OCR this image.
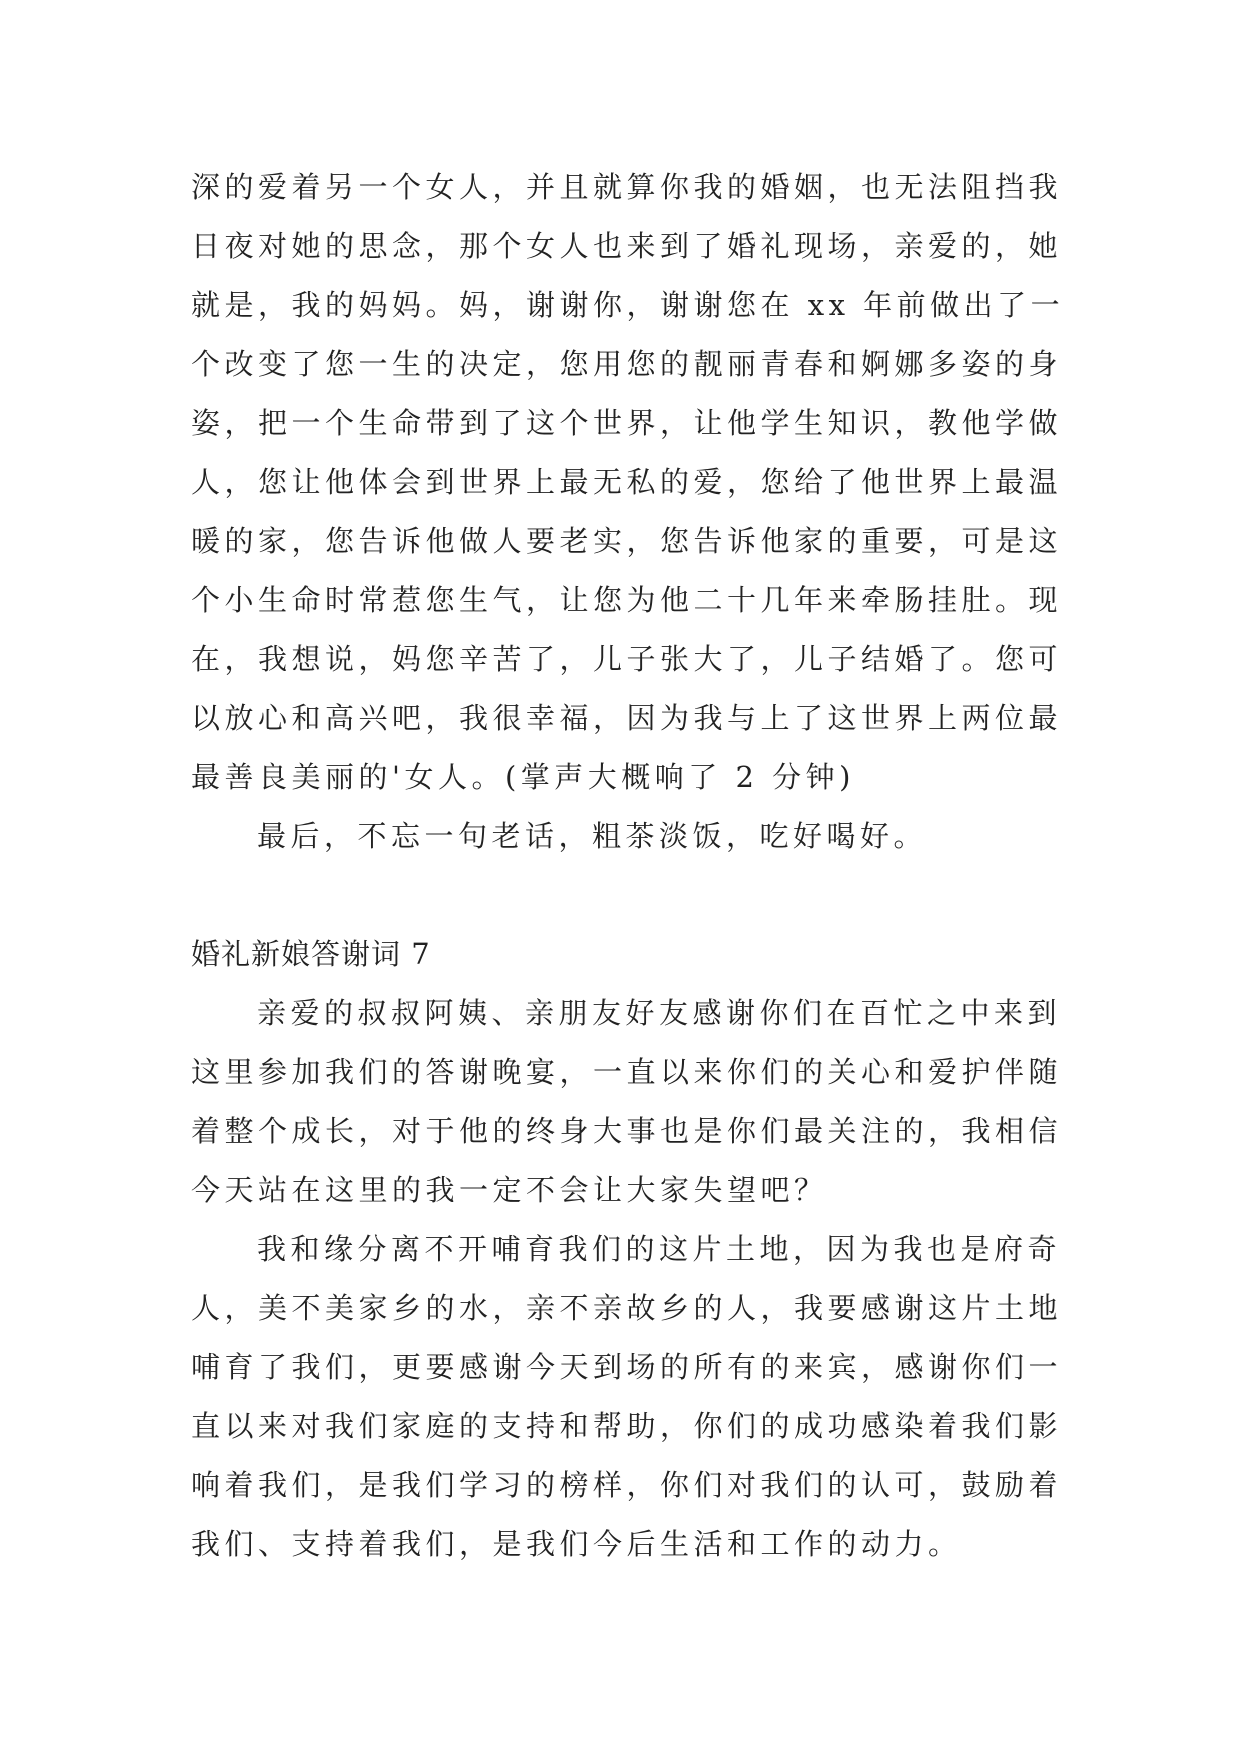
深的爱着另一个女人，并且就算你我的婚姻，也无法阻挡我
日夜对她的思念，那个女人也来到了婚礼现场，亲爱的，她
就是，我的妈妈。妈，谢谢你，谢谢您在 xx 年前做出了一
个改变了您一生的决定，您用您的靓丽青春和婀娜多姿的身
姿，把一个生命带到了这个世界，让他学生知识，教他学做
人，您让他体会到世界上最无私的爱，您给了他世界上最温
暖的家，您告诉他做人要老实，您告诉他家的重要，可是这
个小生命时常惹您生气，让您为他二十几年来牵肠挂肚。现
在，我想说，妈您辛苦了，儿子张大了，儿子结婚了。您可
以放心和高兴吧，我很幸福，因为我与上了这世界上两位最
最善良美丽的'女人。(掌声大概响了 2 分钟)
最后，不忘一句老话，粗茶淡饭，吃好喝好。
婚礼新娘答谢词 7
亲爱的叔叔阿姨、亲朋友好友感谢你们在百忙之中来到
这里参加我们的答谢晚宴，一直以来你们的关心和爱护伴随
着整个成长，对于他的终身大事也是你们最关注的，我相信
今天站在这里的我一定不会让大家失望吧？
我和缘分离不开哺育我们的这片土地，因为我也是府奇
人，美不美家乡的水，亲不亲故乡的人，我要感谢这片土地
哺育了我们，更要感谢今天到场的所有的来宾，感谢你们一
直以来对我们家庭的支持和帮助，你们的成功感染着我们影
响着我们，是我们学习的榜样，你们对我们的认可，鼓励着
我们、支持着我们，是我们今后生活和工作的动力。
